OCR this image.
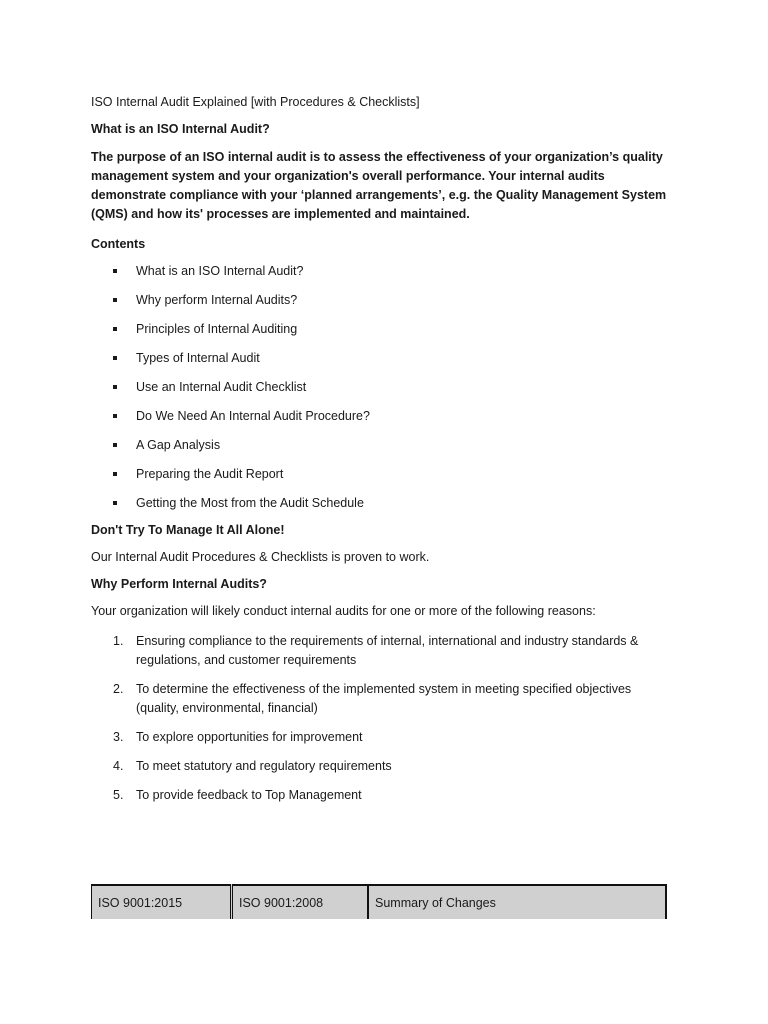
ISO Internal Audit Explained [with Procedures & Checklists]

What is an ISO Internal Audit?

The purpose of an ISO internal audit is to assess the effectiveness of your organization’s quality management system and your organization's overall performance. Your internal audits demonstrate compliance with your ‘planned arrangements’, e.g. the Quality Management System (QMS) and how its' processes are implemented and maintained.

Contents

What is an ISO Internal Audit?
Why perform Internal Audits?
Principles of Internal Auditing
Types of Internal Audit
Use an Internal Audit Checklist
Do We Need An Internal Audit Procedure?
A Gap Analysis
Preparing the Audit Report
Getting the Most from the Audit Schedule

Don't Try To Manage It All Alone!

Our Internal Audit Procedures & Checklists is proven to work.

Why Perform Internal Audits?

Your organization will likely conduct internal audits for one or more of the following reasons:

1. Ensuring compliance to the requirements of internal, international and industry standards & regulations, and customer requirements
2. To determine the effectiveness of the implemented system in meeting specified objectives (quality, environmental, financial)
3. To explore opportunities for improvement
4. To meet statutory and regulatory requirements
5. To provide feedback to Top Management
ISO 9001:2015	ISO 9001:2008	Summary of Changes
